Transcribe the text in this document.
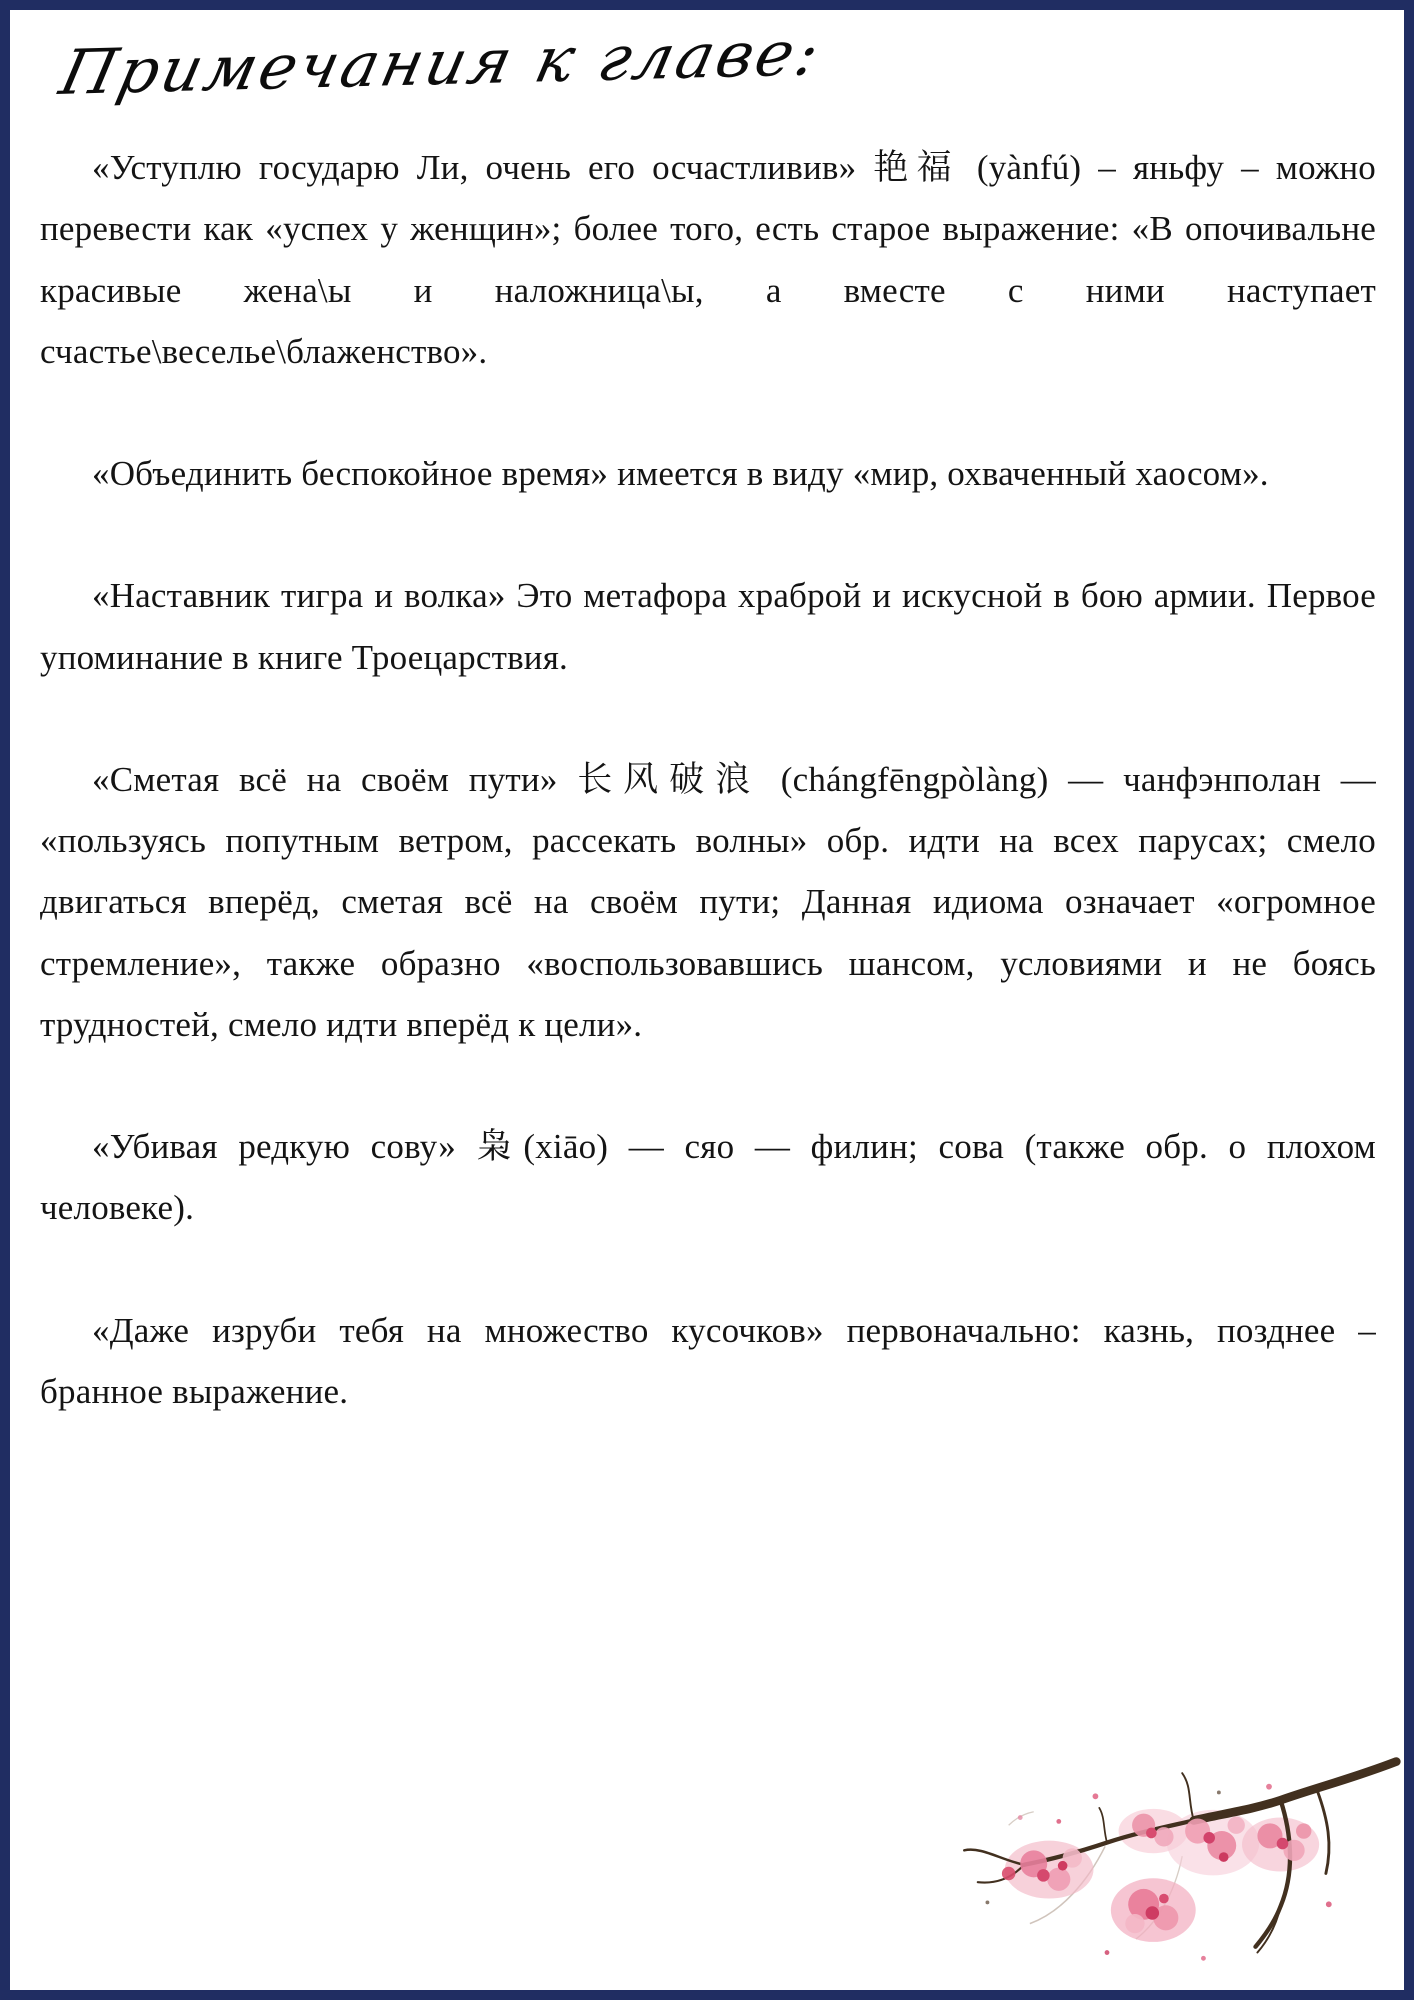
Примечания к главе:

«Уступлю государю Ли, очень его осчастливив» 艳福 (yànfú) – яньфу – можно перевести как «успех у женщин»; более того, есть старое выражение: «В опочивальне красивые жена\ы и наложница\ы, а вместе с ними наступает счастье\веселье\блаженство».

«Объединить беспокойное время» имеется в виду «мир, охваченный хаосом».

«Наставник тигра и волка» Это метафора храброй и искусной в бою армии. Первое упоминание в книге Троецарствия.

«Сметая всё на своём пути» 长风破浪 (chángfēngpòlàng) — чанфэнполан — «пользуясь попутным ветром, рассекать волны» обр. идти на всех парусах; смело двигаться вперёд, сметая всё на своём пути; Данная идиома означает «огромное стремление», также образно «воспользовавшись шансом, условиями и не боясь трудностей, смело идти вперёд к цели».

«Убивая редкую сову» 枭(xiāo) — сяо — филин; сова (также обр. о плохом человеке).

«Даже изруби тебя на множество кусочков» первоначально: казнь, позднее – бранное выражение.
